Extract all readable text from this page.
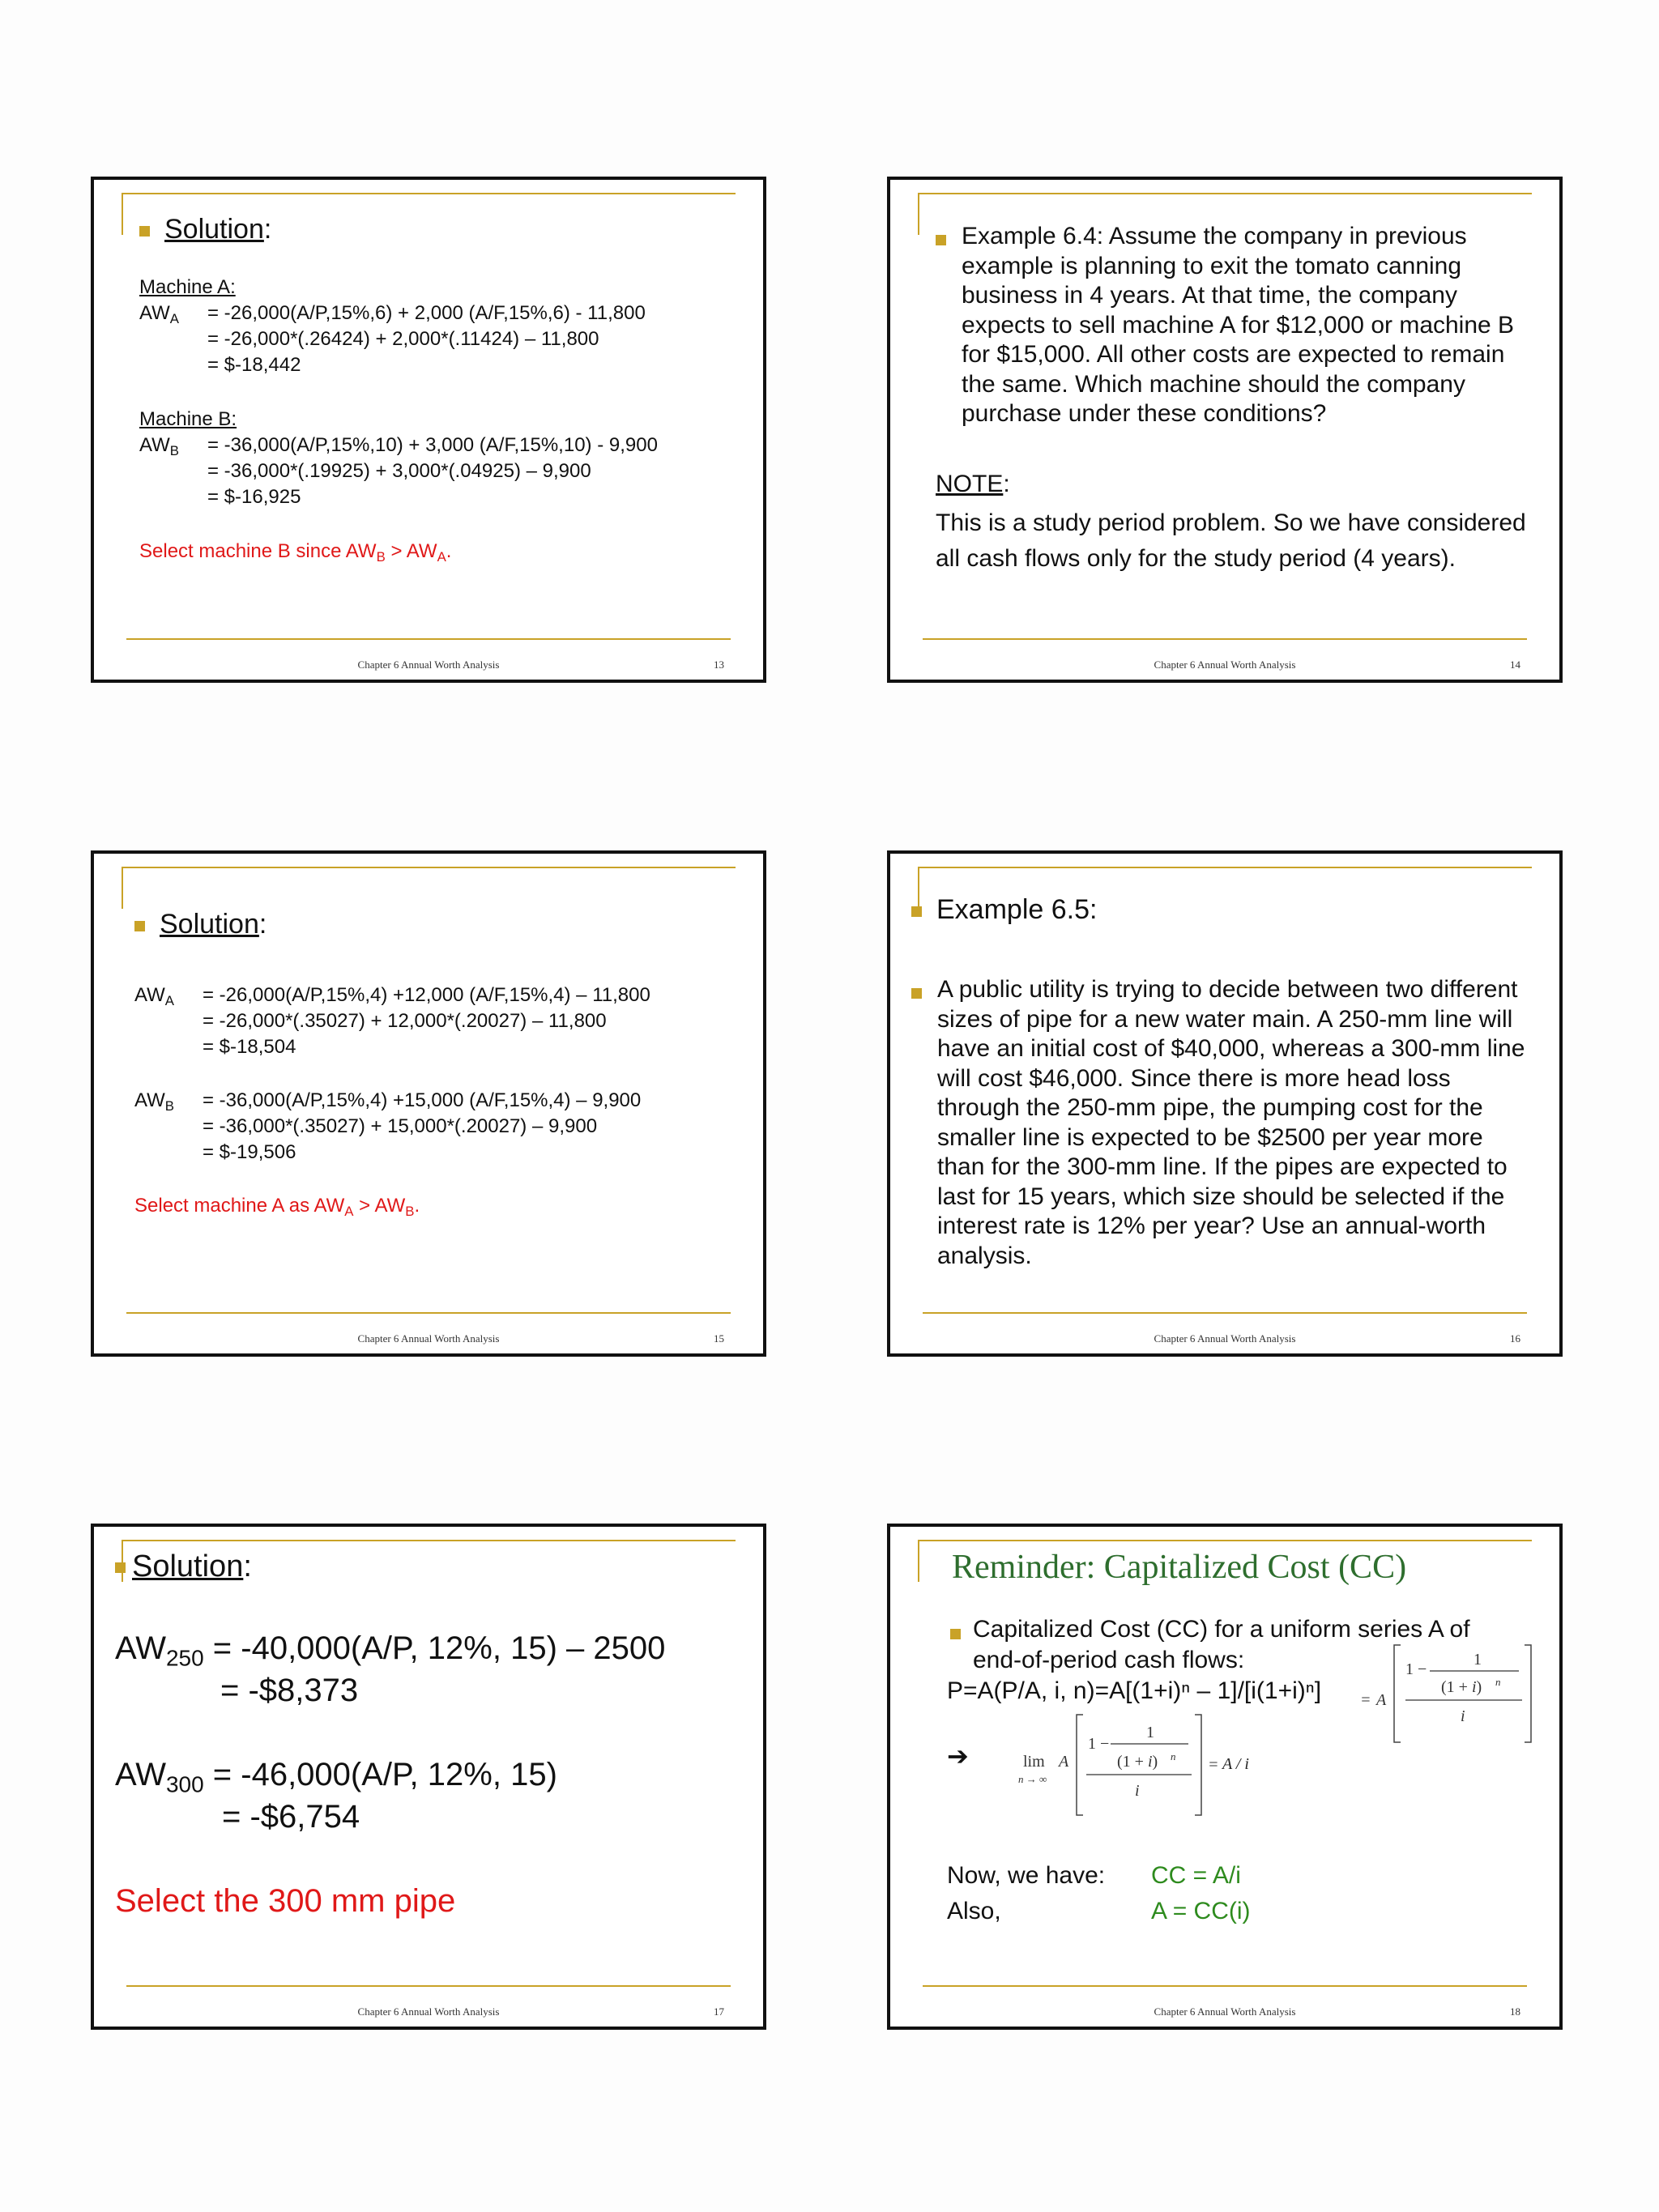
Solution:
Machine A:
$AW_A = -26,000(A/P,15\%,6) + 2,000$ (A/F,15%,6) - 11,800
= -26,000*(.26424) + 2,000*(.11424) – 11,800
= $-18,442
Machine B:
$AW_B = -36,000(A/P,15\%,10) + 3,000$ (A/F,15%,10) - 9,900
= -36,000*(.19925) + 3,000*(.04925) – 9,900
= $-16,925
Select machine B since $AW_B > AW_A$.
Chapter 6 Annual Worth Analysis	13
Example 6.4: Assume the company in previous
example is planning to exit the tomato canning
business in 4 years. At that time, the company
expects to sell machine A for $12,000 or machine B
for $15,000. All other costs are expected to remain
the same. Which machine should the company
purchase under these conditions?
NOTE:
This is a study period problem. So we have considered
all cash flows only for the study period (4 years).
Chapter 6 Annual Worth Analysis	14
Solution:
$AW_A = -26,000(A/P,15\%,4) +12,000$ (A/F,15%,4) – 11,800
= -26,000*(.35027) + 12,000*(.20027) – 11,800
= $-18,504
$AW_B = -36,000(A/P,15\%,4) +15,000$ (A/F,15%,4) – 9,900
= -36,000*(.35027) + 15,000*(.20027) – 9,900
= $-19,506
Select machine A as $AW_A > AW_B$.
Chapter 6 Annual Worth Analysis	15
Example 6.5:
A public utility is trying to decide between two different
sizes of pipe for a new water main. A 250-mm line will
have an initial cost of $40,000, whereas a 300-mm line
will cost $46,000. Since there is more head loss
through the 250-mm pipe, the pumping cost for the
smaller line is expected to be $2500 per year more
than for the 300-mm line. If the pipes are expected to
last for 15 years, which size should be selected if the
interest rate is 12% per year? Use an annual-worth
analysis.
Chapter 6 Annual Worth Analysis	16
Solution:
$AW_{250} = -40,000(A/P$, 12%, 15) – 2500
= -$8,373
$AW_{300} = -46,000(A/P$, 12%, 15)
= -$6,754
Select the 300 mm pipe
Chapter 6 Annual Worth Analysis	17
Reminder: Capitalized Cost (CC)
Capitalized Cost (CC) for a uniform series A of
end-of-period cash flows:
P=A(P/A, i, n)=A[(1+i)ⁿ – 1]/[i(1+i)ⁿ] = A
1 −
1
(1 + i) n
i
➔	lim
n → ∞
A
1 −
1
(1 + i) n
i
= A / i
Now, we have: CC = A/i
Also,	A = CC(i)
Chapter 6 Annual Worth Analysis	18
